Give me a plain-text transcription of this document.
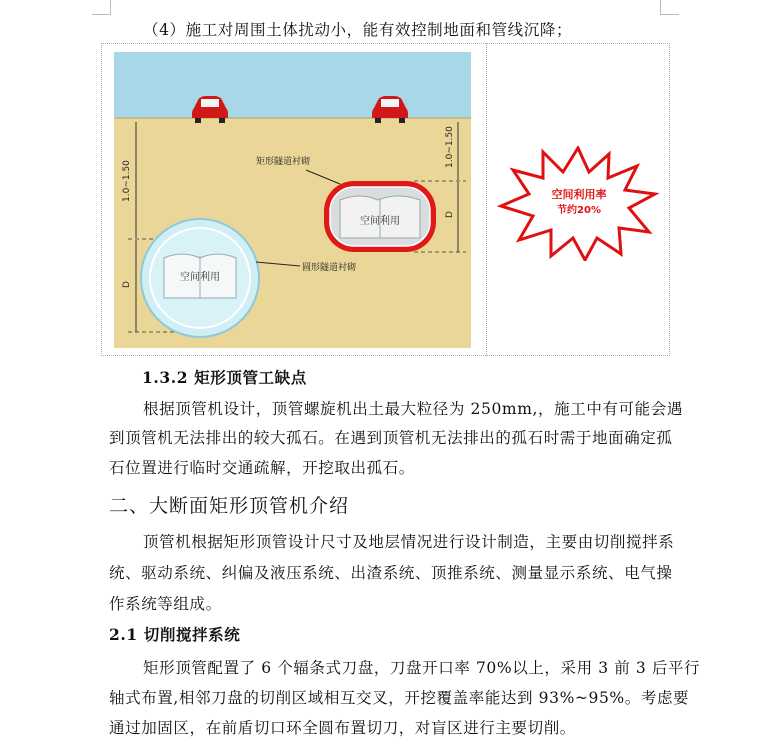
（4）施工对周围土体扰动小，能有效控制地面和管线沉降；
1.0~1.50
D
1.0~1.50
D
空间利用
空间利用
矩形隧道衬砌
圆形隧道衬砌
空间利用率
节约20%
1.3.2 矩形顶管工缺点
根据顶管机设计，顶管螺旋机出土最大粒径为 250mm,，施工中有可能会遇
到顶管机无法排出的较大孤石。在遇到顶管机无法排出的孤石时需于地面确定孤
石位置进行临时交通疏解，开挖取出孤石。
二、大断面矩形顶管机介绍
顶管机根据矩形顶管设计尺寸及地层情况进行设计制造，主要由切削搅拌系
统、驱动系统、纠偏及液压系统、出渣系统、顶推系统、测量显示系统、电气操
作系统等组成。
2.1 切削搅拌系统
矩形顶管配置了 6 个辐条式刀盘，刀盘开口率 70%以上，采用 3 前 3 后平行
轴式布置,相邻刀盘的切削区域相互交叉，开挖覆盖率能达到 93%~95%。考虑要
通过加固区，在前盾切口环全圆布置切刀，对盲区进行主要切削。
